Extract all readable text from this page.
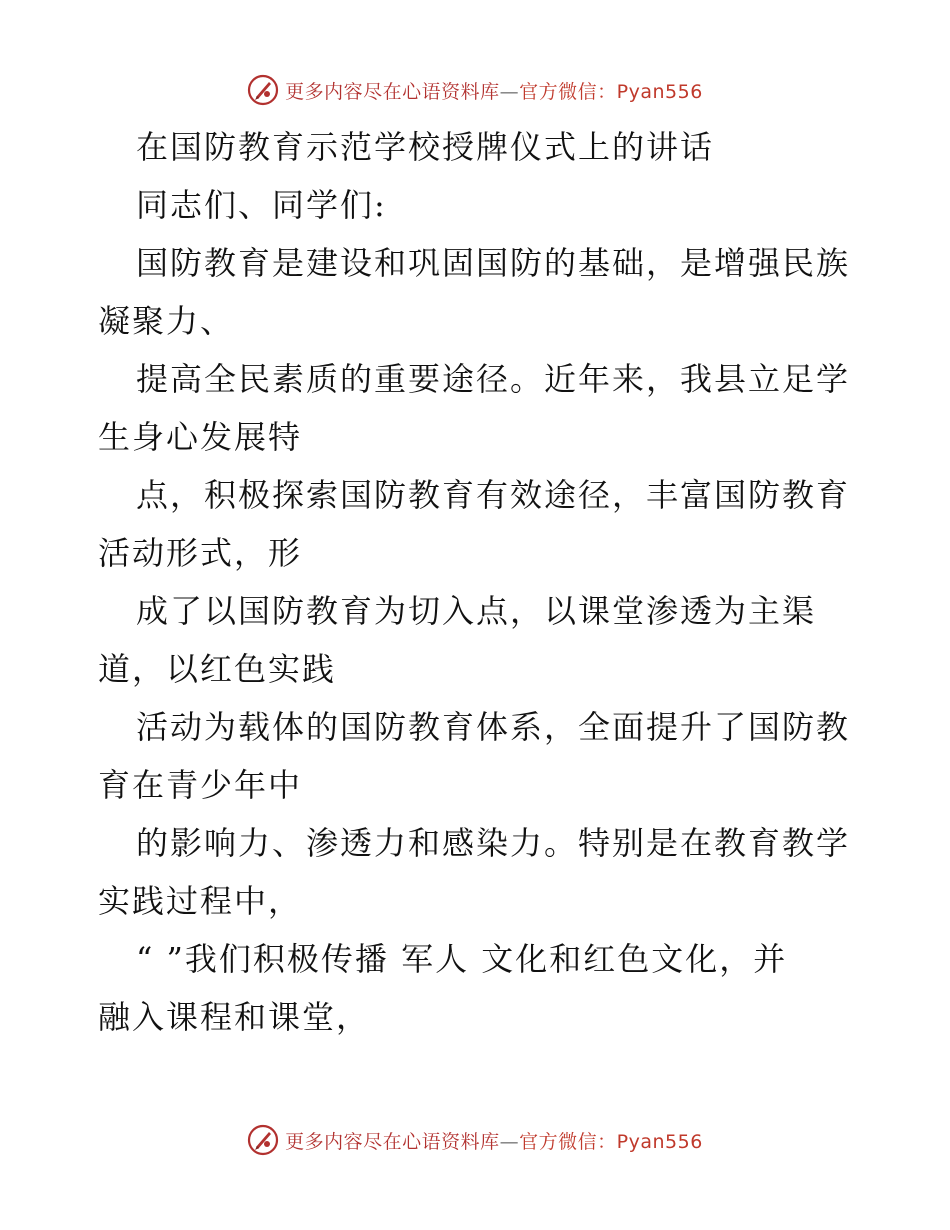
更多内容尽在心语资料库—官方微信：Pyan556
在国防教育示范学校授牌仪式上的讲话
同志们、同学们:
国防教育是建设和巩固国防的基础，是增强民族
凝聚力、
提高全民素质的重要途径。近年来，我县立足学
生身心发展特
点，积极探索国防教育有效途径，丰富国防教育
活动形式，形
成了以国防教育为切入点，以课堂渗透为主渠
道，以红色实践
活动为载体的国防教育体系，全面提升了国防教
育在青少年中
的影响力、渗透力和感染力。特别是在教育教学
实践过程中，
“ ”我们积极传播 军人 文化和红色文化，并
融入课程和课堂，
更多内容尽在心语资料库—官方微信：Pyan556
